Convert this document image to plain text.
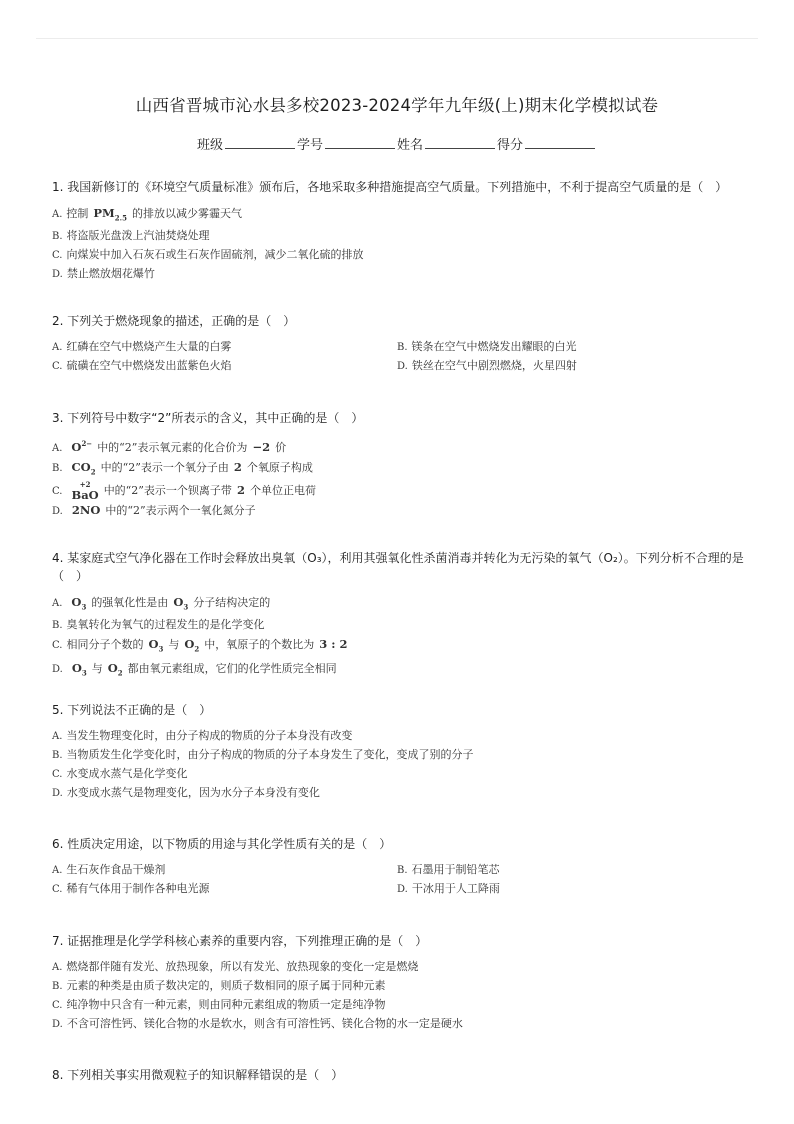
山西省晋城市沁水县多校2023-2024学年九年级(上)期末化学模拟试卷
班级	学号	姓名	得分
1. 我国新修订的《环境空气质量标准》颁布后，各地采取多种措施提高空气质量。下列措施中，不利于提高空气质量的是（　）
A. 控制 $PM_{2.5}$ 的排放以减少雾霾天气
B. 将盗版光盘泼上汽油焚烧处理
C. 向煤炭中加入石灰石或生石灰作固硫剂，减少二氧化硫的排放
D. 禁止燃放烟花爆竹
2. 下列关于燃烧现象的描述，正确的是（　）
A. 红磷在空气中燃烧产生大量的白雾	B. 镁条在空气中燃烧发出耀眼的白光
C. 硫磺在空气中燃烧发出蓝紫色火焰	D. 铁丝在空气中剧烈燃烧，火星四射
3. 下列符号中数字“2”所表示的含义，其中正确的是（　）
A. $O^{2-}$ 中的“2”表示氧元素的化合价为 −2 价
B. $CO_2$ 中的“2”表示一个氧分子由 2 个氧原子构成
C.
+2
BaO 中的“2”表示一个钡离子带 2 个单位正电荷
D. 2NO 中的“2”表示两个一氧化氮分子
4. 某家庭式空气净化器在工作时会释放出臭氧（O₃），利用其强氧化性杀菌消毒并转化为无污染的氧气（O₂）。下列分析不合理的是（　）
A. $O_3$ 的强氧化性是由 $O_3$ 分子结构决定的
B. 臭氧转化为氧气的过程发生的是化学变化
C. 相同分子个数的 $O_3$ 与 $O_2$ 中，氧原子的个数比为 3 : 2
D. $O_3$ 与 $O_2$ 都由氧元素组成，它们的化学性质完全相同
5. 下列说法不正确的是（　）
A. 当发生物理变化时，由分子构成的物质的分子本身没有改变
B. 当物质发生化学变化时，由分子构成的物质的分子本身发生了变化，变成了别的分子
C. 水变成水蒸气是化学变化
D. 水变成水蒸气是物理变化，因为水分子本身没有变化
6. 性质决定用途，以下物质的用途与其化学性质有关的是（　）
A. 生石灰作食品干燥剂	B. 石墨用于制铅笔芯
C. 稀有气体用于制作各种电光源	D. 干冰用于人工降雨
7. 证据推理是化学学科核心素养的重要内容，下列推理正确的是（　）
A. 燃烧都伴随有发光、放热现象，所以有发光、放热现象的变化一定是燃烧
B. 元素的种类是由质子数决定的，则质子数相同的原子属于同种元素
C. 纯净物中只含有一种元素，则由同种元素组成的物质一定是纯净物
D. 不含可溶性钙、镁化合物的水是软水，则含有可溶性钙、镁化合物的水一定是硬水
8. 下列相关事实用微观粒子的知识解释错误的是（　）
